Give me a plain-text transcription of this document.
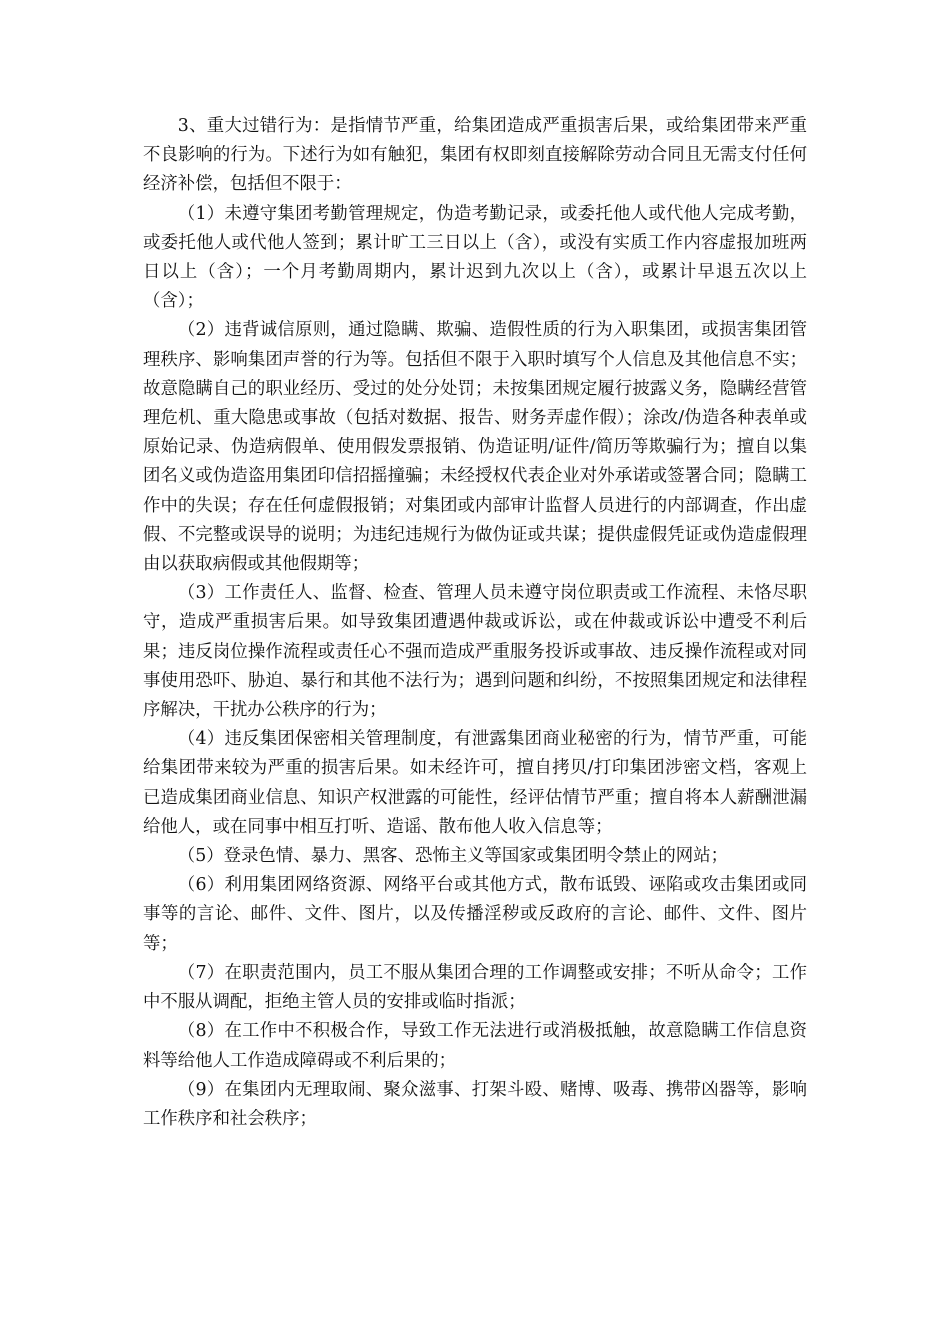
3、重大过错行为：是指情节严重，给集团造成严重损害后果，或给集团带来严重不良影响的行为。下述行为如有触犯，集团有权即刻直接解除劳动合同且无需支付任何经济补偿，包括但不限于：

（1）未遵守集团考勤管理规定，伪造考勤记录，或委托他人或代他人完成考勤，或委托他人或代他人签到；累计旷工三日以上（含），或没有实质工作内容虚报加班两日以上（含）；一个月考勤周期内，累计迟到九次以上（含），或累计早退五次以上（含）；

（2）违背诚信原则，通过隐瞒、欺骗、造假性质的行为入职集团，或损害集团管理秩序、影响集团声誉的行为等。包括但不限于入职时填写个人信息及其他信息不实；故意隐瞒自己的职业经历、受过的处分处罚；未按集团规定履行披露义务，隐瞒经营管理危机、重大隐患或事故（包括对数据、报告、财务弄虚作假）；涂改/伪造各种表单或原始记录、伪造病假单、使用假发票报销、伪造证明/证件/简历等欺骗行为；擅自以集团名义或伪造盗用集团印信招摇撞骗；未经授权代表企业对外承诺或签署合同；隐瞒工作中的失误；存在任何虚假报销；对集团或内部审计监督人员进行的内部调查，作出虚假、不完整或误导的说明；为违纪违规行为做伪证或共谋；提供虚假凭证或伪造虚假理由以获取病假或其他假期等；

（3）工作责任人、监督、检查、管理人员未遵守岗位职责或工作流程、未恪尽职守，造成严重损害后果。如导致集团遭遇仲裁或诉讼，或在仲裁或诉讼中遭受不利后果；违反岗位操作流程或责任心不强而造成严重服务投诉或事故、违反操作流程或对同事使用恐吓、胁迫、暴行和其他不法行为；遇到问题和纠纷，不按照集团规定和法律程序解决，干扰办公秩序的行为；

（4）违反集团保密相关管理制度，有泄露集团商业秘密的行为，情节严重，可能给集团带来较为严重的损害后果。如未经许可，擅自拷贝/打印集团涉密文档，客观上已造成集团商业信息、知识产权泄露的可能性，经评估情节严重；擅自将本人薪酬泄漏给他人，或在同事中相互打听、造谣、散布他人收入信息等；

（5）登录色情、暴力、黑客、恐怖主义等国家或集团明令禁止的网站；

（6）利用集团网络资源、网络平台或其他方式，散布诋毁、诬陷或攻击集团或同事等的言论、邮件、文件、图片，以及传播淫秽或反政府的言论、邮件、文件、图片等；

（7）在职责范围内，员工不服从集团合理的工作调整或安排；不听从命令；工作中不服从调配，拒绝主管人员的安排或临时指派；

（8）在工作中不积极合作，导致工作无法进行或消极抵触，故意隐瞒工作信息资料等给他人工作造成障碍或不利后果的；

（9）在集团内无理取闹、聚众滋事、打架斗殴、赌博、吸毒、携带凶器等，影响工作秩序和社会秩序；
